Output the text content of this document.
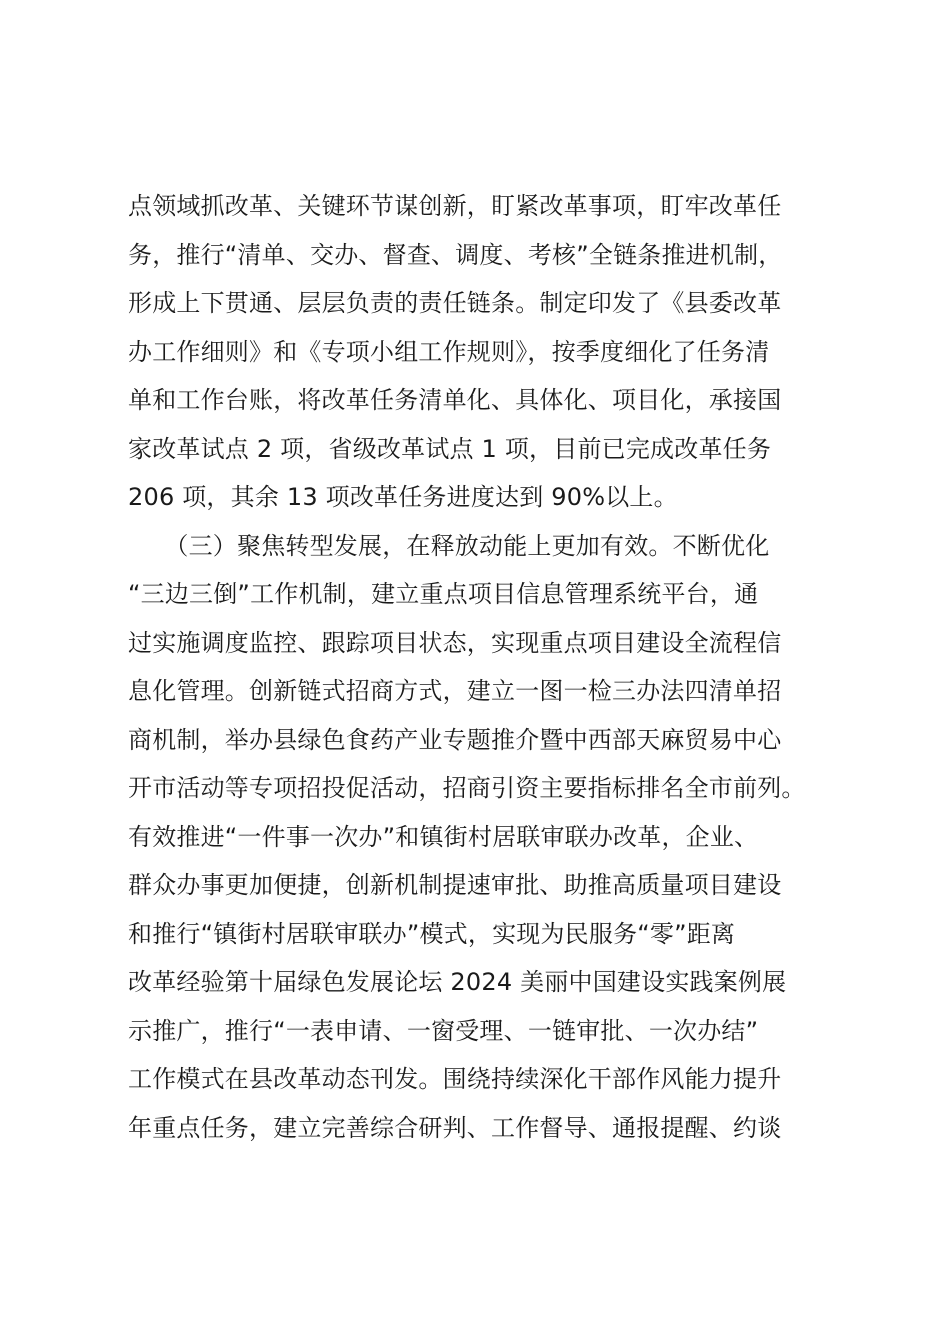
点领域抓改革、关键环节谋创新，盯紧改革事项，盯牢改革任
务，推行“清单、交办、督查、调度、考核”全链条推进机制，
形成上下贯通、层层负责的责任链条。制定印发了《县委改革
办工作细则》和《专项小组工作规则》，按季度细化了任务清
单和工作台账，将改革任务清单化、具体化、项目化，承接国
家改革试点 2 项，省级改革试点 1 项，目前已完成改革任务
206 项，其余 13 项改革任务进度达到 90%以上。
　　（三）聚焦转型发展，在释放动能上更加有效。不断优化
“三边三倒”工作机制，建立重点项目信息管理系统平台，通
过实施调度监控、跟踪项目状态，实现重点项目建设全流程信
息化管理。创新链式招商方式，建立一图一检三办法四清单招
商机制，举办县绿色食药产业专题推介暨中西部天麻贸易中心
开市活动等专项招投促活动，招商引资主要指标排名全市前列。
有效推进“一件事一次办”和镇街村居联审联办改革，企业、
群众办事更加便捷，创新机制提速审批、助推高质量项目建设
和推行“镇街村居联审联办”模式，实现为民服务“零”距离
改革经验第十届绿色发展论坛 2024 美丽中国建设实践案例展
示推广，推行“一表申请、一窗受理、一链审批、一次办结”
工作模式在县改革动态刊发。围绕持续深化干部作风能力提升
年重点任务，建立完善综合研判、工作督导、通报提醒、约谈
